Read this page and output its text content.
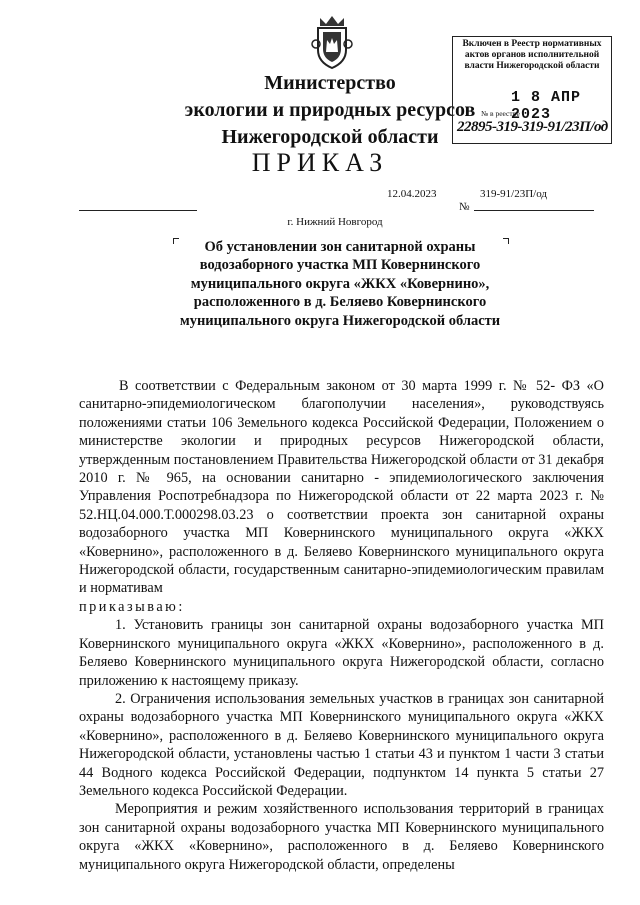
Министерство
экологии и природных ресурсов
Нижегородской области
Включен в Реестр нормативных актов органов исполнительной власти Нижегородской области
1 8 АПР 2023
№ в реестре
22895-319-319-91/23П/од
ПРИКАЗ
12.04.2023	319-91/23П/од
№
г. Нижний Новгород
Об установлении зон санитарной охраны водозаборного участка МП Ковернинского муниципального округа «ЖКХ «Ковернино», расположенного в д. Беляево Ковернинского муниципального округа Нижегородской области

В соответствии с Федеральным законом от 30 марта 1999 г. № 52- ФЗ «О санитарно-эпидемиологическом благополучии населения», руководствуясь положениями статьи 106 Земельного кодекса Российской Федерации, Положением о министерстве экологии и природных ресурсов Нижегородской области, утвержденным постановлением Правительства Нижегородской области от 31 декабря 2010 г. № 965, на основании санитарно - эпидемиологического заключения Управления Роспотребнадзора по Нижегородской области от 22 марта 2023 г. № 52.НЦ.04.000.Т.000298.03.23 о соответствии проекта зон санитарной охраны водозаборного участка МП Ковернинского муниципального округа «ЖКХ «Ковернино», расположенного в д. Беляево Ковернинского муниципального округа Нижегородской области, государственным санитарно-эпидемиологическим правилам и нормативам

приказываю:

1. Установить границы зон санитарной охраны водозаборного участка МП Ковернинского муниципального округа «ЖКХ «Ковернино», расположенного в д. Беляево Ковернинского муниципального округа Нижегородской области, согласно приложению к настоящему приказу.

2. Ограничения использования земельных участков в границах зон санитарной охраны водозаборного участка МП Ковернинского муниципального округа «ЖКХ «Ковернино», расположенного в д. Беляево Ковернинского муниципального округа Нижегородской области, установлены частью 1 статьи 43 и пунктом 1 части 3 статьи 44 Водного кодекса Российской Федерации, подпунктом 14 пункта 5 статьи 27 Земельного кодекса Российской Федерации.

Мероприятия и режим хозяйственного использования территорий в границах зон санитарной охраны водозаборного участка МП Ковернинского муниципального округа «ЖКХ «Ковернино», расположенного в д. Беляево Ковернинского муниципального округа Нижегородской области, определены
